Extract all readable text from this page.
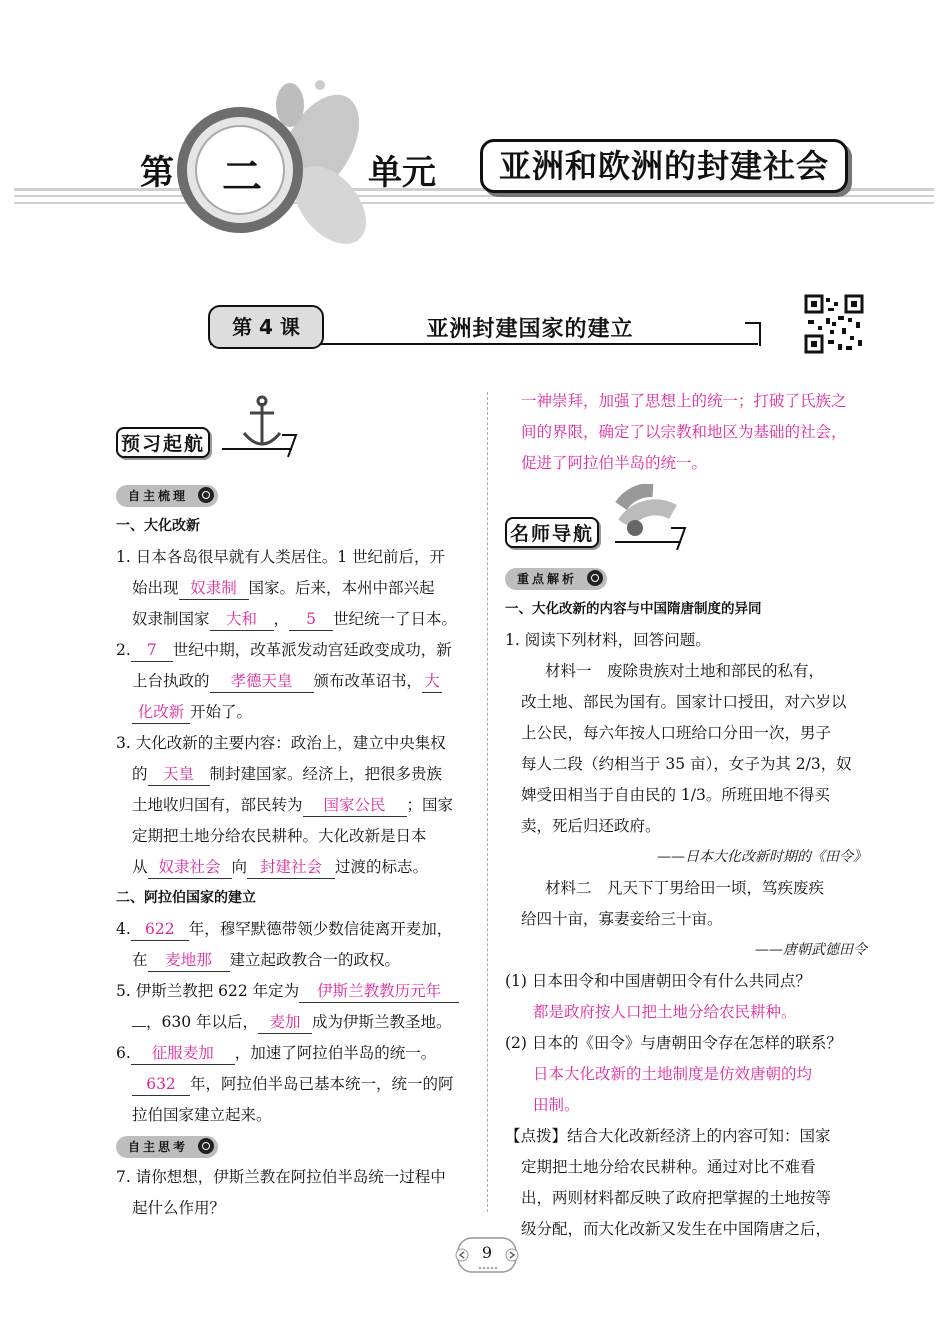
第 二	单元	亚洲和欧洲的封建社会
第 4 课	亚洲封建国家的建立
预习起航
自主梳理
一、大化改新
1. 日本各岛很早就有人类居住。1 世纪前后，开
始出现 奴隶制 国家。后来，本州中部兴起
奴隶制国家 大和 ， 5 世纪统一了日本。
2. 7 世纪中期，改革派发动宫廷政变成功，新
上台执政的 孝德天皇 颁布改革诏书， 大
化改新 开始了。
3. 大化改新的主要内容：政治上，建立中央集权
的 天皇 制封建国家。经济上，把很多贵族
土地收归国有，部民转为 国家公民 ；国家
定期把土地分给农民耕种。大化改新是日本
从 奴隶社会 向 封建社会 过渡的标志。
二、阿拉伯国家的建立
4. 622 年，穆罕默德带领少数信徒离开麦加，
在 麦地那 建立起政教合一的政权。
5. 伊斯兰教把 622 年定为 伊斯兰教教历元年
，630 年以后， 麦加 成为伊斯兰教圣地。
6. 征服麦加 ，加速了阿拉伯半岛的统一。
632 年，阿拉伯半岛已基本统一，统一的阿
拉伯国家建立起来。
自主思考
7. 请你想想，伊斯兰教在阿拉伯半岛统一过程中
起什么作用？
一神崇拜，加强了思想上的统一；打破了氏族之
间的界限，确定了以宗教和地区为基础的社会，
促进了阿拉伯半岛的统一。
名师导航
重点解析
一、大化改新的内容与中国隋唐制度的异同
1. 阅读下列材料，回答问题。
材料一　废除贵族对土地和部民的私有，
改土地、部民为国有。国家计口授田，对六岁以
上公民，每六年按人口班给口分田一次，男子
每人二段（约相当于 35 亩），女子为其 2/3，奴
婢受田相当于自由民的 1/3。所班田地不得买
卖，死后归还政府。
——日本大化改新时期的《田令》
材料二　凡天下丁男给田一顷，笃疾废疾
给四十亩，寡妻妾给三十亩。
——唐朝武德田令
(1) 日本田令和中国唐朝田令有什么共同点？
都是政府按人口把土地分给农民耕种。
(2) 日本的《田令》与唐朝田令存在怎样的联系？
日本大化改新的土地制度是仿效唐朝的均
田制。
【点拨】结合大化改新经济上的内容可知：国家
定期把土地分给农民耕种。通过对比不难看
出，两则材料都反映了政府把掌握的土地按等
级分配，而大化改新又发生在中国隋唐之后，
9
